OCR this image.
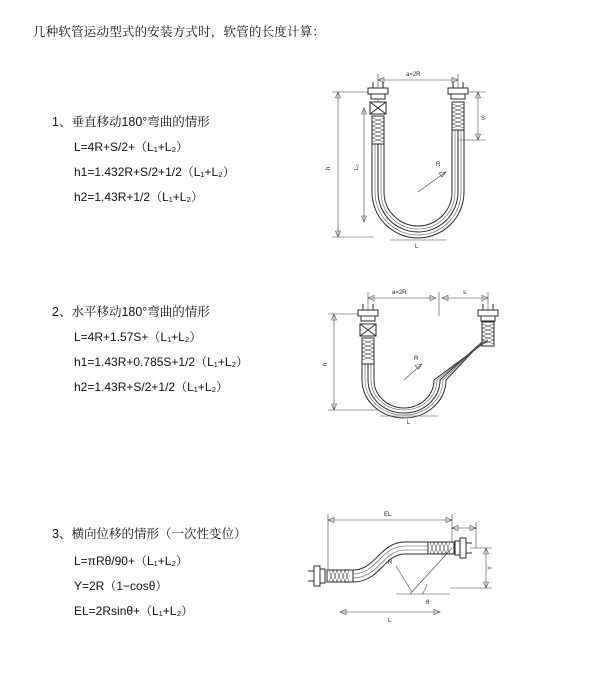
几种软管运动型式的安装方式时，软管的长度计算：
1、垂直移动180°弯曲的情形
L=4R+S/2+（L₁+L₂）
h1=1.432R+S/2+1/2（L₁+L₂）
h2=1.43R+1/2（L₁+L₂）
a=2R
S
h	L₂	R
L
2、水平移动180°弯曲的情形
L=4R+1.57S+（L₁+L₂）
h1=1.43R+0.785S+1/2（L₁+L₂）
h2=1.43R+S/2+1/2（L₁+L₂）
a=2R	s
h
R
L
3、横向位移的情形（一次性变位）
L=πRθ/90+（L₁+L₂）
Y=2R（1−cosθ）
EL=2Rsinθ+（L₁+L₂）
EL
Y
θ
R
L
